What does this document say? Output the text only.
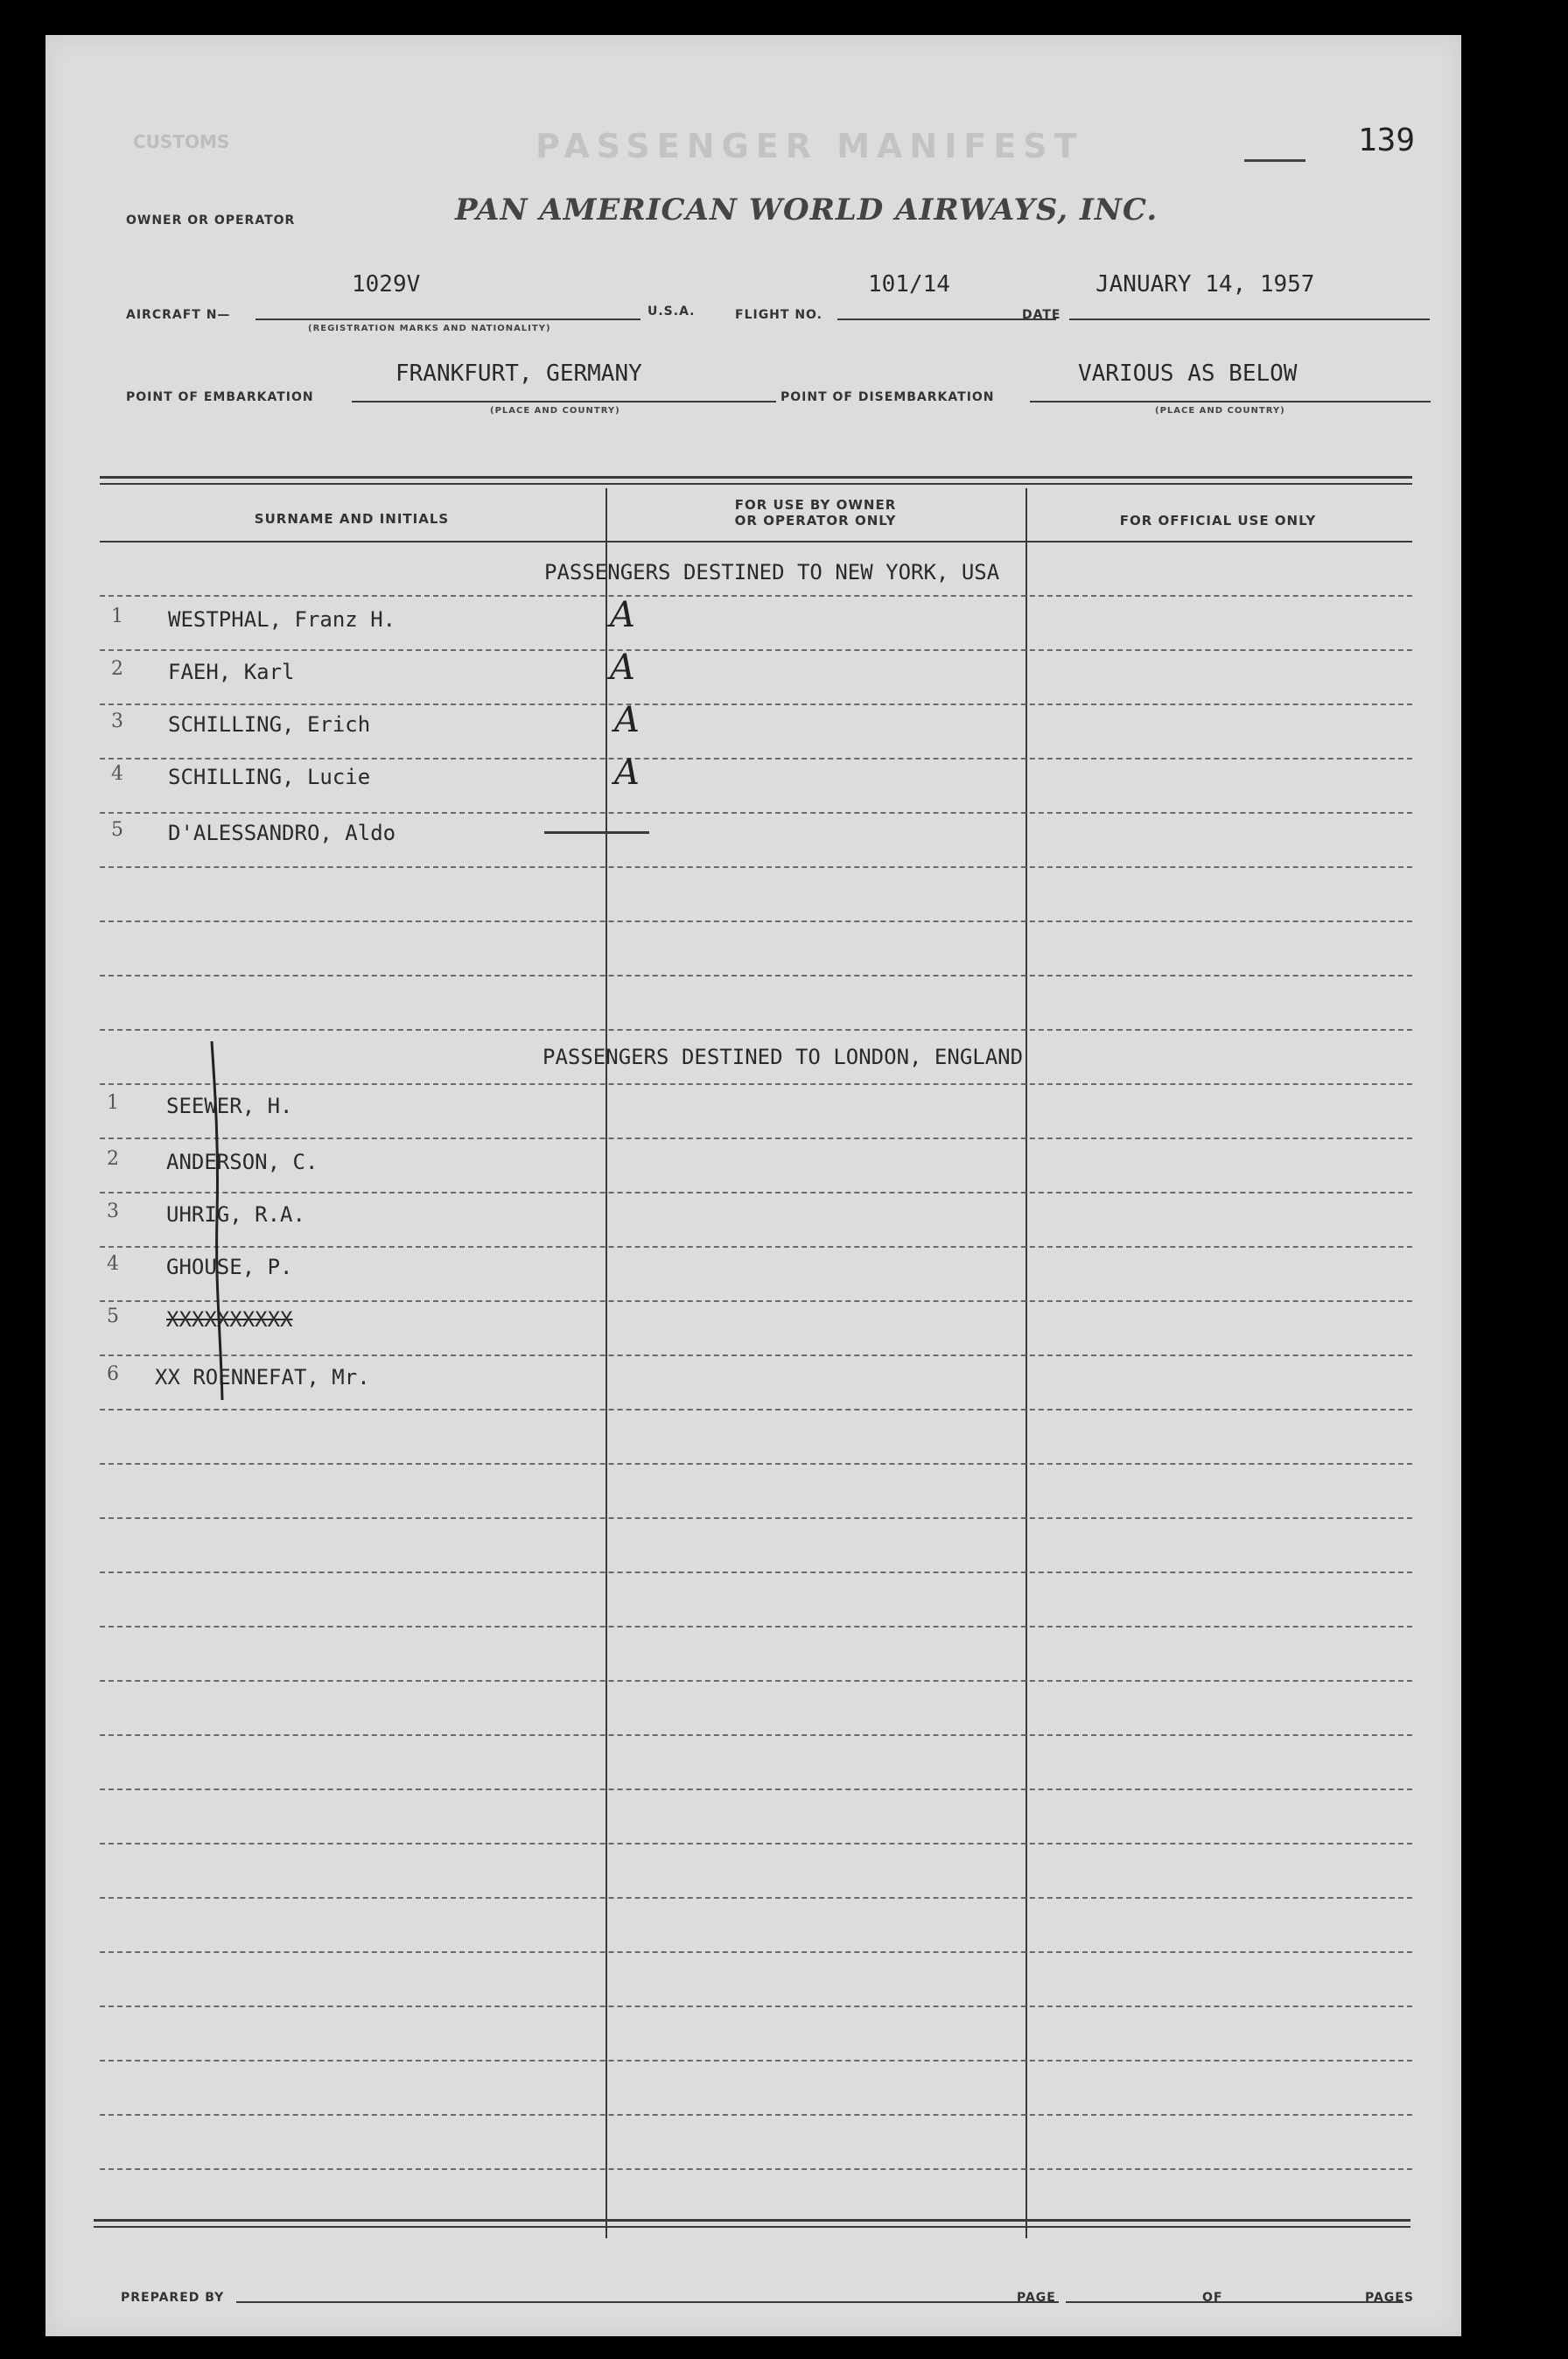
CUSTOMS	PASSENGER MANIFEST	139
OWNER OR OPERATOR	PAN AMERICAN WORLD AIRWAYS, INC.
AIRCRAFT N—
1029V
(REGISTRATION MARKS AND NATIONALITY)
U.S.A.	FLIGHT NO.
101/14
DATE
JANUARY 14, 1957
POINT OF EMBARKATION
FRANKFURT, GERMANY
(PLACE AND COUNTRY)
POINT OF DISEMBARKATION
VARIOUS AS BELOW
(PLACE AND COUNTRY)
SURNAME AND INITIALS
FOR USE BY OWNER
OR OPERATOR ONLY	FOR OFFICIAL USE ONLY
PASSENGERS DESTINED TO NEW YORK, USA
1 WESTPHAL, Franz H.	A
2 FAEH, Karl	A
3 SCHILLING, Erich	A
4 SCHILLING, Lucie	A
5 D'ALESSANDRO, Aldo
PASSENGERS DESTINED TO LONDON, ENGLAND
1 SEEWER, H.
2 ANDERSON, C.
3 UHRIG, R.A.
4 GHOUSE, P.
5 XXXXXXXXXX
6 XX ROENNEFAT, Mr.
PREPARED BY	PAGE	OF	PAGES
